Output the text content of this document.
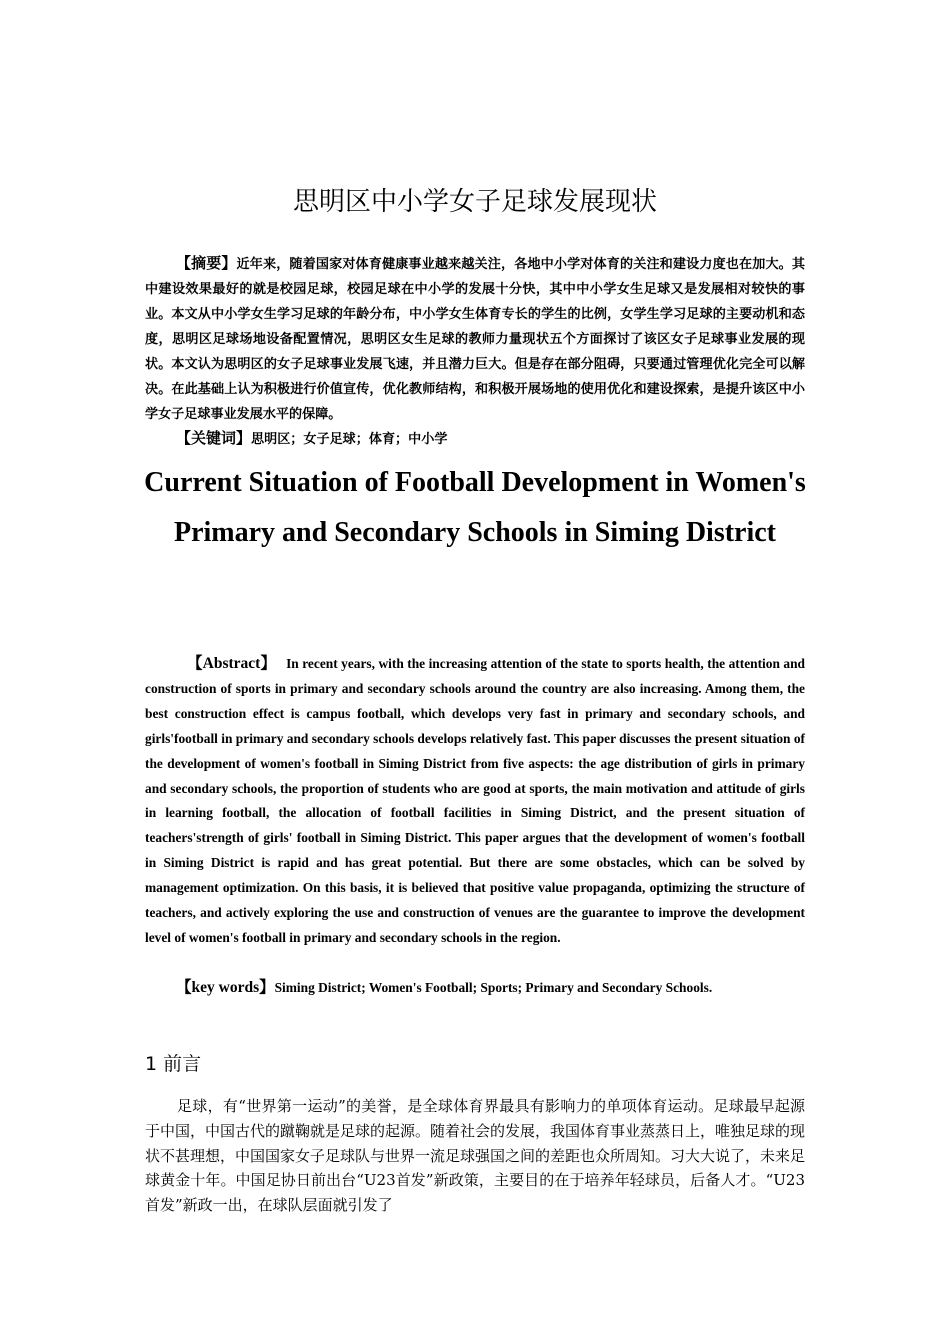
思明区中小学女子足球发展现状
【摘要】近年来，随着国家对体育健康事业越来越关注，各地中小学对体育的关注和建设力度也在加大。其中建设效果最好的就是校园足球，校园足球在中小学的发展十分快，其中中小学女生足球又是发展相对较快的事业。本文从中小学女生学习足球的年龄分布，中小学女生体育专长的学生的比例，女学生学习足球的主要动机和态度，思明区足球场地设备配置情况，思明区女生足球的教师力量现状五个方面探讨了该区女子足球事业发展的现状。本文认为思明区的女子足球事业发展飞速，并且潜力巨大。但是存在部分阻碍，只要通过管理优化完全可以解决。在此基础上认为积极进行价值宣传，优化教师结构，和积极开展场地的使用优化和建设探索，是提升该区中小学女子足球事业发展水平的保障。
【关键词】思明区；女子足球；体育；中小学
Current Situation of Football Development in Women's Primary and Secondary Schools in Siming District
【Abstract】 In recent years, with the increasing attention of the state to sports health, the attention and construction of sports in primary and secondary schools around the country are also increasing. Among them, the best construction effect is campus football, which develops very fast in primary and secondary schools, and girls'football in primary and secondary schools develops relatively fast. This paper discusses the present situation of the development of women's football in Siming District from five aspects: the age distribution of girls in primary and secondary schools, the proportion of students who are good at sports, the main motivation and attitude of girls in learning football, the allocation of football facilities in Siming District, and the present situation of teachers'strength of girls' football in Siming District. This paper argues that the development of women's football in Siming District is rapid and has great potential. But there are some obstacles, which can be solved by management optimization. On this basis, it is believed that positive value propaganda, optimizing the structure of teachers, and actively exploring the use and construction of venues are the guarantee to improve the development level of women's football in primary and secondary schools in the region.
【key words】Siming District; Women's Football; Sports; Primary and Secondary Schools.
1 前言
足球，有“世界第一运动”的美誉，是全球体育界最具有影响力的单项体育运动。足球最早起源于中国，中国古代的蹴鞠就是足球的起源。随着社会的发展，我国体育事业蒸蒸日上，唯独足球的现状不甚理想，中国国家女子足球队与世界一流足球强国之间的差距也众所周知。习大大说了，未来足球黄金十年。中国足协日前出台“U23首发”新政策，主要目的在于培养年轻球员，后备人才。“U23首发”新政一出，在球队层面就引发了
